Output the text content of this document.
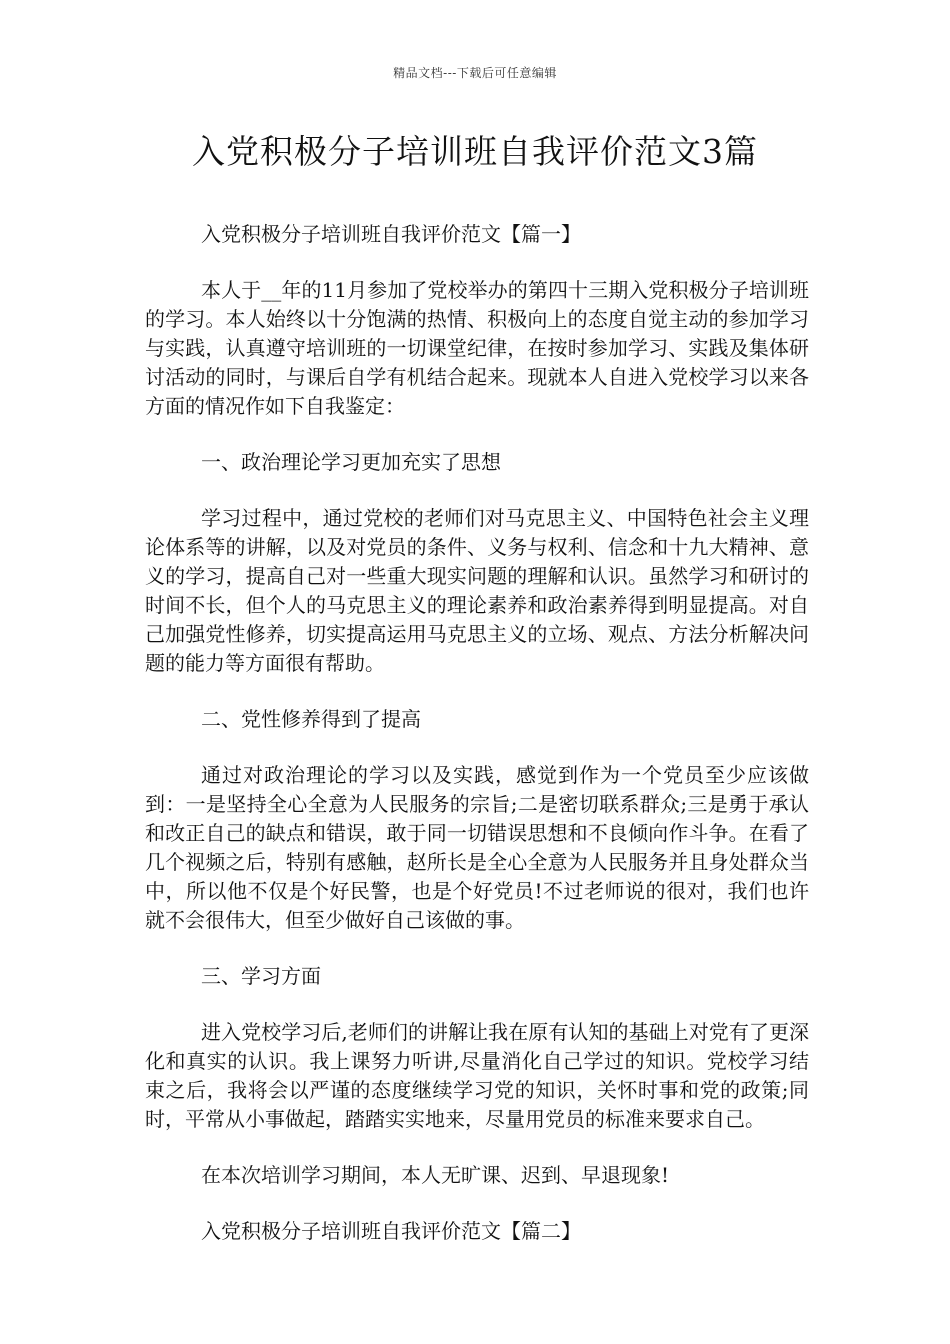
精品文档---下载后可任意编辑
入党积极分子培训班自我评价范文3篇

入党积极分子培训班自我评价范文【篇一】

本人于__年的11月参加了党校举办的第四十三期入党积极分子培训班的学习。本人始终以十分饱满的热情、积极向上的态度自觉主动的参加学习与实践，认真遵守培训班的一切课堂纪律，在按时参加学习、实践及集体研讨活动的同时，与课后自学有机结合起来。现就本人自进入党校学习以来各方面的情况作如下自我鉴定：

一、政治理论学习更加充实了思想

学习过程中，通过党校的老师们对马克思主义、中国特色社会主义理论体系等的讲解，以及对党员的条件、义务与权利、信念和十九大精神、意义的学习，提高自己对一些重大现实问题的理解和认识。虽然学习和研讨的时间不长，但个人的马克思主义的理论素养和政治素养得到明显提高。对自己加强党性修养，切实提高运用马克思主义的立场、观点、方法分析解决问题的能力等方面很有帮助。

二、党性修养得到了提高

通过对政治理论的学习以及实践，感觉到作为一个党员至少应该做到：一是坚持全心全意为人民服务的宗旨;二是密切联系群众;三是勇于承认和改正自己的缺点和错误，敢于同一切错误思想和不良倾向作斗争。在看了几个视频之后，特别有感触，赵所长是全心全意为人民服务并且身处群众当中，所以他不仅是个好民警，也是个好党员!不过老师说的很对，我们也许就不会很伟大，但至少做好自己该做的事。

三、学习方面

进入党校学习后,老师们的讲解让我在原有认知的基础上对党有了更深化和真实的认识。我上课努力听讲,尽量消化自己学过的知识。党校学习结束之后，我将会以严谨的态度继续学习党的知识，关怀时事和党的政策;同时，平常从小事做起，踏踏实实地来，尽量用党员的标准来要求自己。

在本次培训学习期间，本人无旷课、迟到、早退现象!

入党积极分子培训班自我评价范文【篇二】
